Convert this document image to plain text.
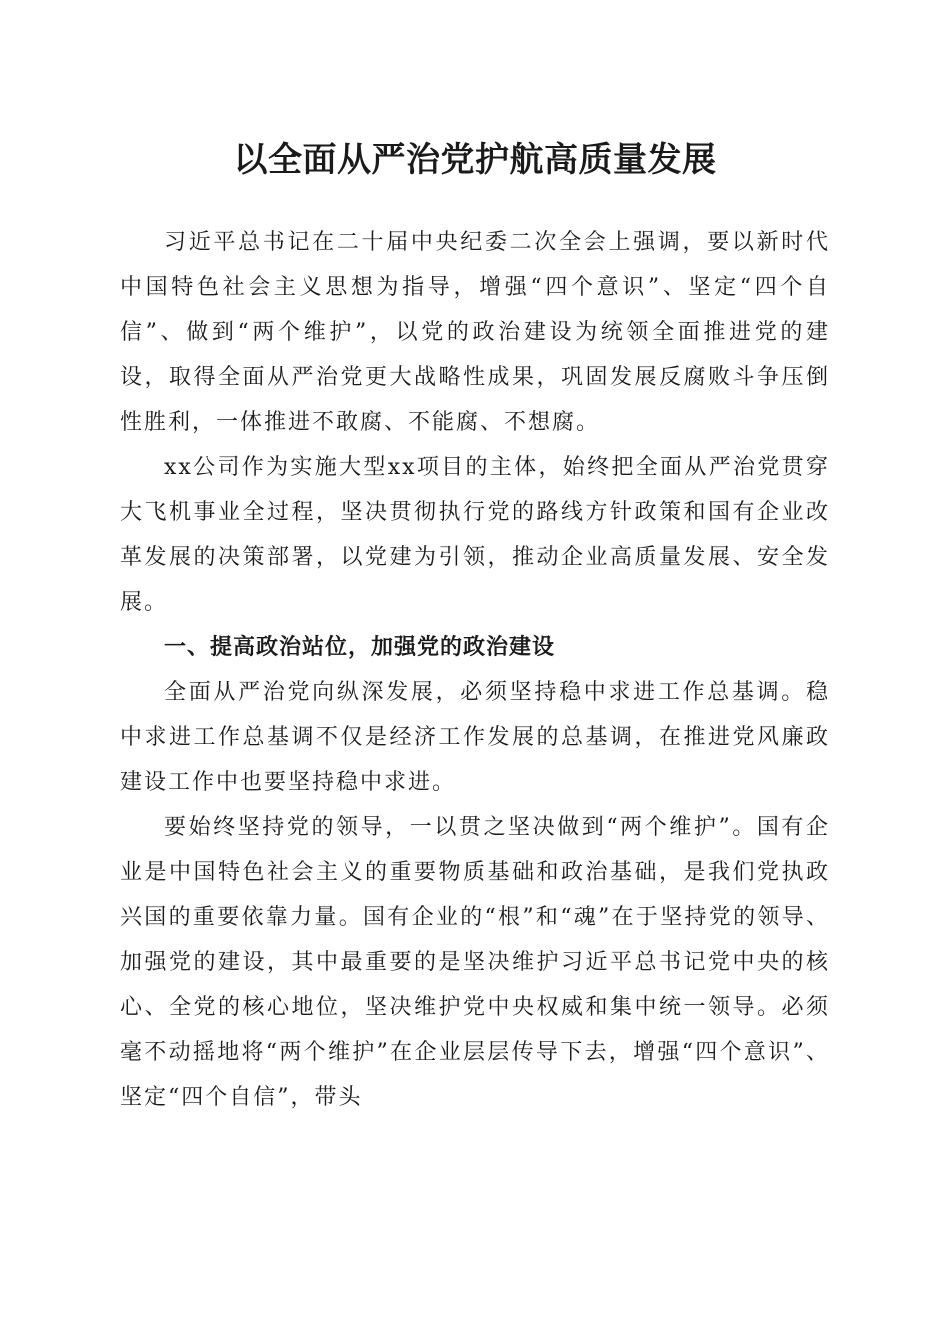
以全面从严治党护航高质量发展

习近平总书记在二十届中央纪委二次全会上强调，要以新时代中国特色社会主义思想为指导，增强“四个意识”、坚定“四个自信”、做到“两个维护”，以党的政治建设为统领全面推进党的建设，取得全面从严治党更大战略性成果，巩固发展反腐败斗争压倒性胜利，一体推进不敢腐、不能腐、不想腐。

xx公司作为实施大型xx项目的主体，始终把全面从严治党贯穿大飞机事业全过程，坚决贯彻执行党的路线方针政策和国有企业改革发展的决策部署，以党建为引领，推动企业高质量发展、安全发展。

一、提高政治站位，加强党的政治建设

全面从严治党向纵深发展，必须坚持稳中求进工作总基调。稳中求进工作总基调不仅是经济工作发展的总基调，在推进党风廉政建设工作中也要坚持稳中求进。

要始终坚持党的领导，一以贯之坚决做到“两个维护”。国有企业是中国特色社会主义的重要物质基础和政治基础，是我们党执政兴国的重要依靠力量。国有企业的“根”和“魂”在于坚持党的领导、加强党的建设，其中最重要的是坚决维护习近平总书记党中央的核心、全党的核心地位，坚决维护党中央权威和集中统一领导。必须毫不动摇地将“两个维护”在企业层层传导下去，增强“四个意识”、坚定“四个自信”，带头
